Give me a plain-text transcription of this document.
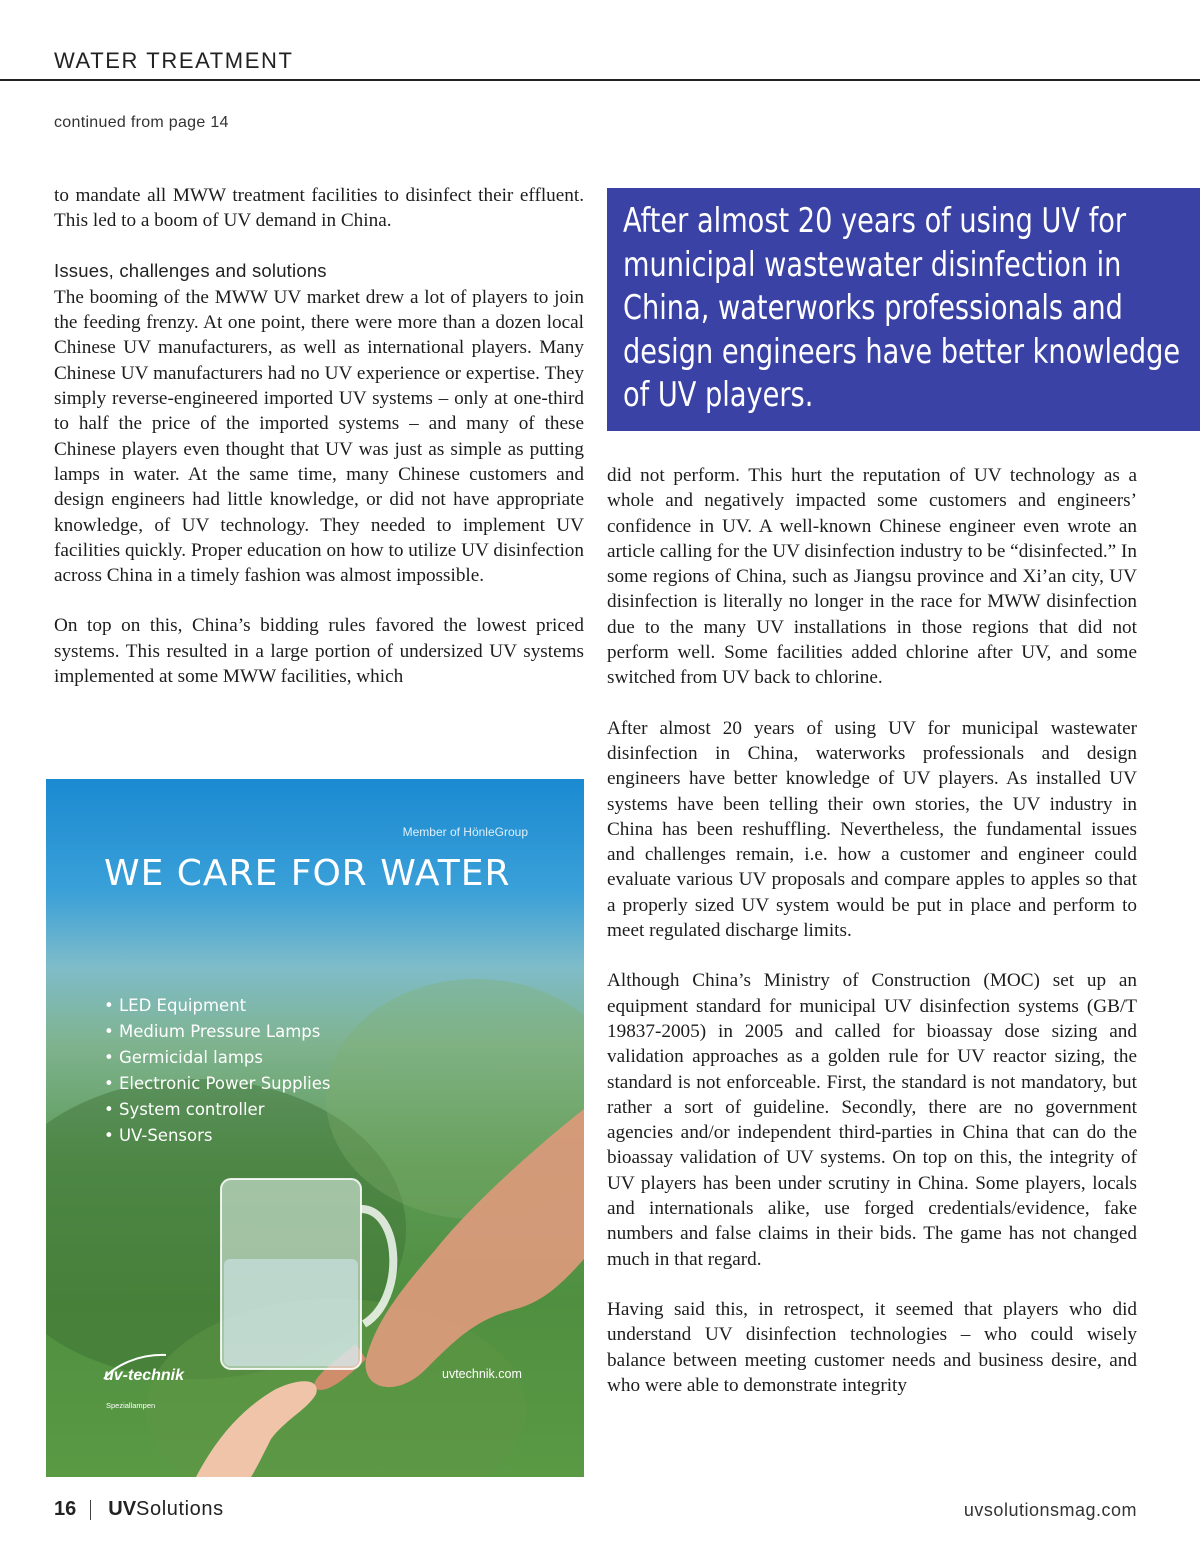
WATER TREATMENT
continued from page 14

to mandate all MWW treatment facilities to disinfect their effluent. This led to a boom of UV demand in China.

Issues, challenges and solutions

The booming of the MWW UV market drew a lot of players to join the feeding frenzy. At one point, there were more than a dozen local Chinese UV manufacturers, as well as international players. Many Chinese UV manufacturers had no UV experience or expertise. They simply reverse-engineered imported UV systems – only at one-third to half the price of the imported systems – and many of these Chinese players even thought that UV was just as simple as putting lamps in water. At the same time, many Chinese customers and design engineers had little knowledge, or did not have appropriate knowledge, of UV technology. They needed to implement UV facilities quickly. Proper education on how to utilize UV disinfection across China in a timely fashion was almost impossible.

On top on this, China’s bidding rules favored the lowest priced systems. This resulted in a large portion of undersized UV systems implemented at some MWW facilities, which

After almost 20 years of using UV for municipal wastewater disinfection in China, waterworks professionals and design engineers have better knowledge of UV players.

did not perform. This hurt the reputation of UV technology as a whole and negatively impacted some customers and engineers’ confidence in UV. A well-known Chinese engineer even wrote an article calling for the UV disinfection industry to be “disinfected.” In some regions of China, such as Jiangsu province and Xi’an city, UV disinfection is literally no longer in the race for MWW disinfection due to the many UV installations in those regions that did not perform well. Some facilities added chlorine after UV, and some switched from UV back to chlorine.

After almost 20 years of using UV for municipal wastewater disinfection in China, waterworks professionals and design engineers have better knowledge of UV players. As installed UV systems have been telling their own stories, the UV industry in China has been reshuffling. Nevertheless, the fundamental issues and challenges remain, i.e. how a customer and engineer could evaluate various UV proposals and compare apples to apples so that a properly sized UV system would be put in place and perform to meet regulated discharge limits.

Although China’s Ministry of Construction (MOC) set up an equipment standard for municipal UV disinfection systems (GB/T 19837-2005) in 2005 and called for bioassay dose sizing and validation approaches as a golden rule for UV reactor sizing, the standard is not enforceable. First, the standard is not mandatory, but rather a sort of guideline. Secondly, there are no government agencies and/or independent third-parties in China that can do the bioassay validation of UV systems. On top on this, the integrity of UV players has been under scrutiny in China. Some players, locals and internationals alike, use forged credentials/evidence, fake numbers and false claims in their bids. The game has not changed much in that regard.

Having said this, in retrospect, it seemed that players who did understand UV disinfection technologies – who could wisely balance between meeting customer needs and business desire, and who were able to demonstrate integrity

Member of HönleGroup
WE CARE FOR WATER
• LED Equipment
• Medium Pressure Lamps
• Germicidal lamps
• Electronic Power Supplies
• System controller
• UV-Sensors
uv-technik
Speziallampen
uvtechnik.com
16 UV Solutions	uvsolutionsmag.com
